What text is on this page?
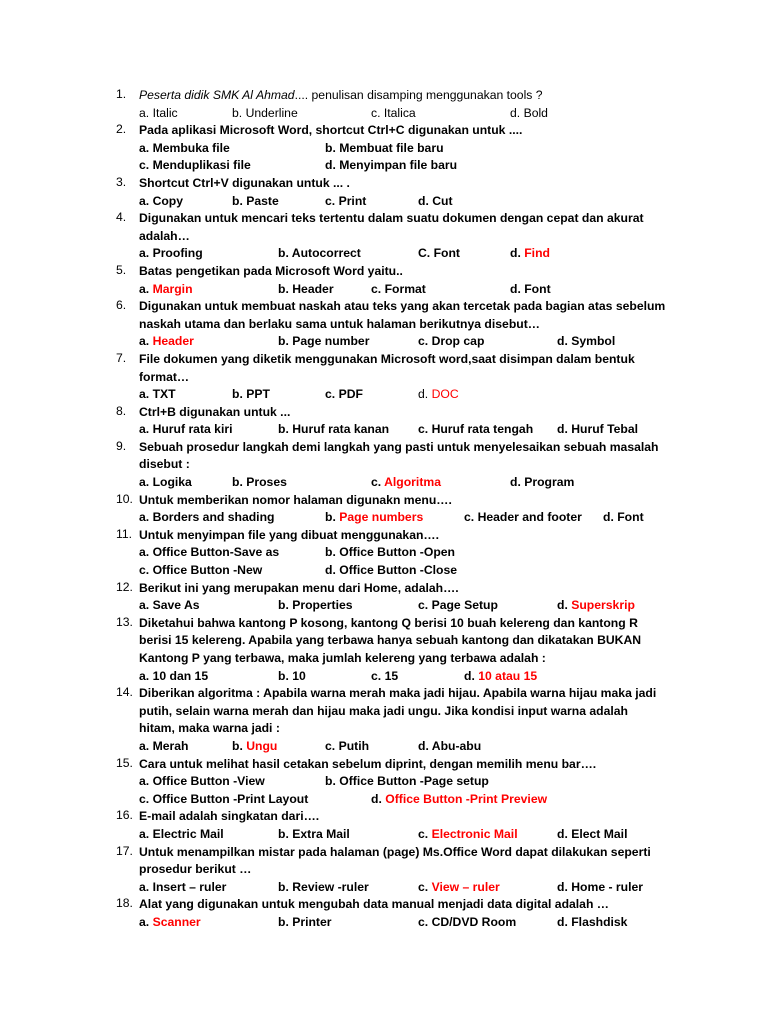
1. Peserta didik SMK Al Ahmad.... penulisan disamping menggunakan tools ?
a. Italic	b. Underline	c. Italica	d. Bold
2. Pada aplikasi Microsoft Word, shortcut Ctrl+C digunakan untuk ....
a. Membuka file	b. Membuat file baru
c. Menduplikasi file	d. Menyimpan file baru
3. Shortcut Ctrl+V digunakan untuk ... .
a. Copy	b. Paste	c. Print	d. Cut
4. Digunakan untuk mencari teks tertentu dalam suatu dokumen dengan cepat dan akurat
adalah…
a. Proofing	b. Autocorrect	C. Font	d. Find
5. Batas pengetikan pada Microsoft Word yaitu..
a. Margin	b. Header	c. Format	d. Font
6. Digunakan untuk membuat naskah atau teks yang akan tercetak pada bagian atas sebelum
naskah utama dan berlaku sama untuk halaman berikutnya disebut…
a. Header	b. Page number	c. Drop cap	d. Symbol
7. File dokumen yang diketik menggunakan Microsoft word,saat disimpan dalam bentuk
format…
a. TXT	b. PPT	c. PDF	d. DOC
8. Ctrl+B digunakan untuk ...
a. Huruf rata kiri	b. Huruf rata kanan c. Huruf rata tengah d. Huruf Tebal
9. Sebuah prosedur langkah demi langkah yang pasti untuk menyelesaikan sebuah masalah
disebut :
a. Logika	b. Proses	c. Algoritma	d. Program
10. Untuk memberikan nomor halaman digunakn menu….
a. Borders and shading	b. Page numbers	c. Header and footer d. Font
11. Untuk menyimpan file yang dibuat menggunakan….
a. Office Button-Save as	b. Office Button -Open
c. Office Button -New	d. Office Button -Close
12. Berikut ini yang merupakan menu dari Home, adalah….
a. Save As	b. Properties	c. Page Setup	d. Superskrip
13. Diketahui bahwa kantong P kosong, kantong Q berisi 10 buah kelereng dan kantong R
berisi 15 kelereng. Apabila yang terbawa hanya sebuah kantong dan dikatakan BUKAN
Kantong P yang terbawa, maka jumlah kelereng yang terbawa adalah :
a. 10 dan 15	b. 10	c. 15	d. 10 atau 15
14. Diberikan algoritma : Apabila warna merah maka jadi hijau. Apabila warna hijau maka jadi
putih, selain warna merah dan hijau maka jadi ungu. Jika kondisi input warna adalah
hitam, maka warna jadi :
a. Merah	b. Ungu	c. Putih	d. Abu-abu
15. Cara untuk melihat hasil cetakan sebelum diprint, dengan memilih menu bar….
a. Office Button -View	b. Office Button -Page setup
c. Office Button -Print Layout	d. Office Button -Print Preview
16. E-mail adalah singkatan dari….
a. Electric Mail	b. Extra Mail	c. Electronic Mail	d. Elect Mail
17. Untuk menampilkan mistar pada halaman (page) Ms.Office Word dapat dilakukan seperti
prosedur berikut …
a. Insert – ruler	b. Review -ruler	c. View – ruler	d. Home - ruler
18. Alat yang digunakan untuk mengubah data manual menjadi data digital adalah …
a. Scanner	b. Printer	c. CD/DVD Room	d. Flashdisk
